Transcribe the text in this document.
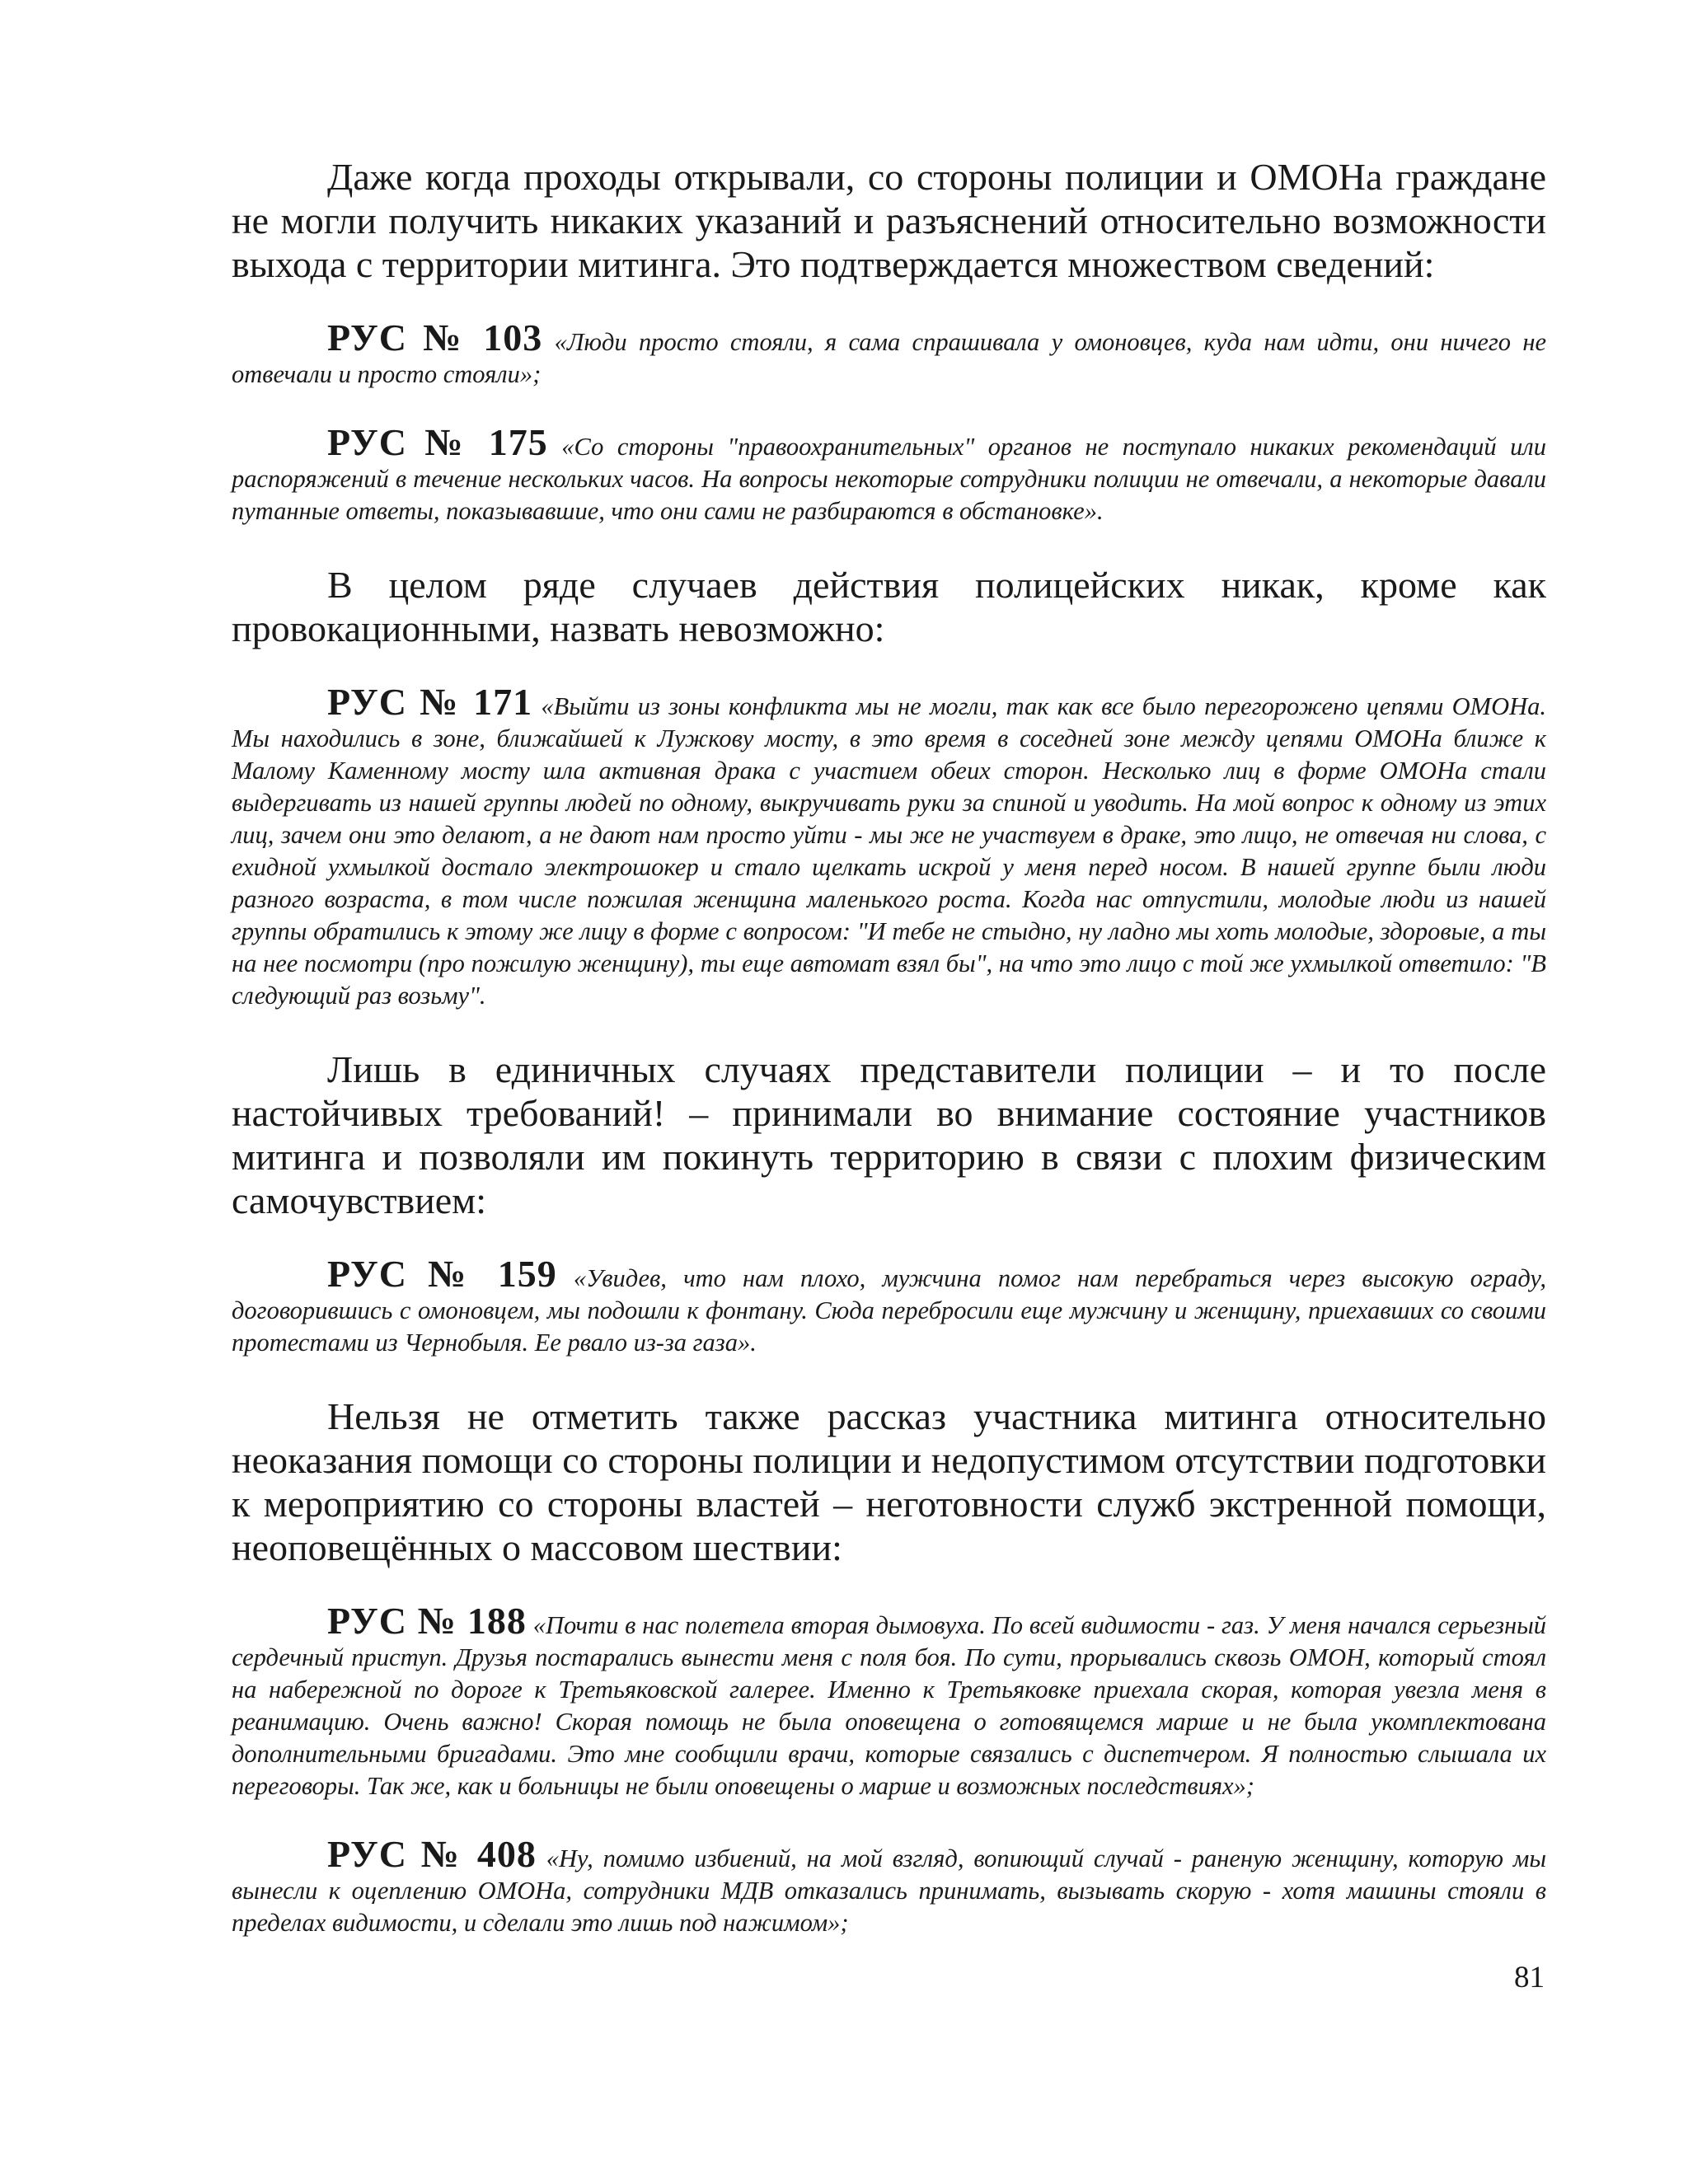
Даже когда проходы открывали, со стороны полиции и ОМОНа граждане не могли получить никаких указаний и разъяснений относительно возможности выхода с территории митинга. Это подтверждается множеством сведений:

РУС № 103 «Люди просто стояли, я сама спрашивала у омоновцев, куда нам идти, они ничего не отвечали и просто стояли»;

РУС № 175 «Со стороны "правоохранительных" органов не поступало никаких рекомендаций или распоряжений в течение нескольких часов. На вопросы некоторые сотрудники полиции не отвечали, а некоторые давали путанные ответы, показывавшие, что они сами не разбираются в обстановке».

В целом ряде случаев действия полицейских никак, кроме как провокационными, назвать невозможно:

РУС № 171 «Выйти из зоны конфликта мы не могли, так как все было перегорожено цепями ОМОНа. Мы находились в зоне, ближайшей к Лужкову мосту, в это время в соседней зоне между цепями ОМОНа ближе к Малому Каменному мосту шла активная драка с участием обеих сторон. Несколько лиц в форме ОМОНа стали выдергивать из нашей группы людей по одному, выкручивать руки за спиной и уводить. На мой вопрос к одному из этих лиц, зачем они это делают, а не дают нам просто уйти - мы же не участвуем в драке, это лицо, не отвечая ни слова, с ехидной ухмылкой достало электрошокер и стало щелкать искрой у меня перед носом. В нашей группе были люди разного возраста, в том числе пожилая женщина маленького роста. Когда нас отпустили, молодые люди из нашей группы обратились к этому же лицу в форме с вопросом: "И тебе не стыдно, ну ладно мы хоть молодые, здоровые, а ты на нее посмотри (про пожилую женщину), ты еще автомат взял бы", на что это лицо с той же ухмылкой ответило: "В следующий раз возьму".

Лишь в единичных случаях представители полиции – и то после настойчивых требований! – принимали во внимание состояние участников митинга и позволяли им покинуть территорию в связи с плохим физическим самочувствием:

РУС № 159 «Увидев, что нам плохо, мужчина помог нам перебраться через высокую ограду, договорившись с омоновцем, мы подошли к фонтану. Сюда перебросили еще мужчину и женщину, приехавших со своими протестами из Чернобыля. Ее рвало из-за газа».

Нельзя не отметить также рассказ участника митинга относительно неоказания помощи со стороны полиции и недопустимом отсутствии подготовки к мероприятию со стороны властей – неготовности служб экстренной помощи, неоповещённых о массовом шествии:

РУС № 188 «Почти в нас полетела вторая дымовуха. По всей видимости - газ. У меня начался серьезный сердечный приступ. Друзья постарались вынести меня с поля боя. По сути, прорывались сквозь ОМОН, который стоял на набережной по дороге к Третьяковской галерее. Именно к Третьяковке приехала скорая, которая увезла меня в реанимацию. Очень важно! Скорая помощь не была оповещена о готовящемся марше и не была укомплектована дополнительными бригадами. Это мне сообщили врачи, которые связались с диспетчером. Я полностью слышала их переговоры. Так же, как и больницы не были оповещены о марше и возможных последствиях»;

РУС № 408 «Ну, помимо избиений, на мой взгляд, вопиющий случай - раненую женщину, которую мы вынесли к оцеплению ОМОНа, сотрудники МДВ отказались принимать, вызывать скорую - хотя машины стояли в пределах видимости, и сделали это лишь под нажимом»;

81
